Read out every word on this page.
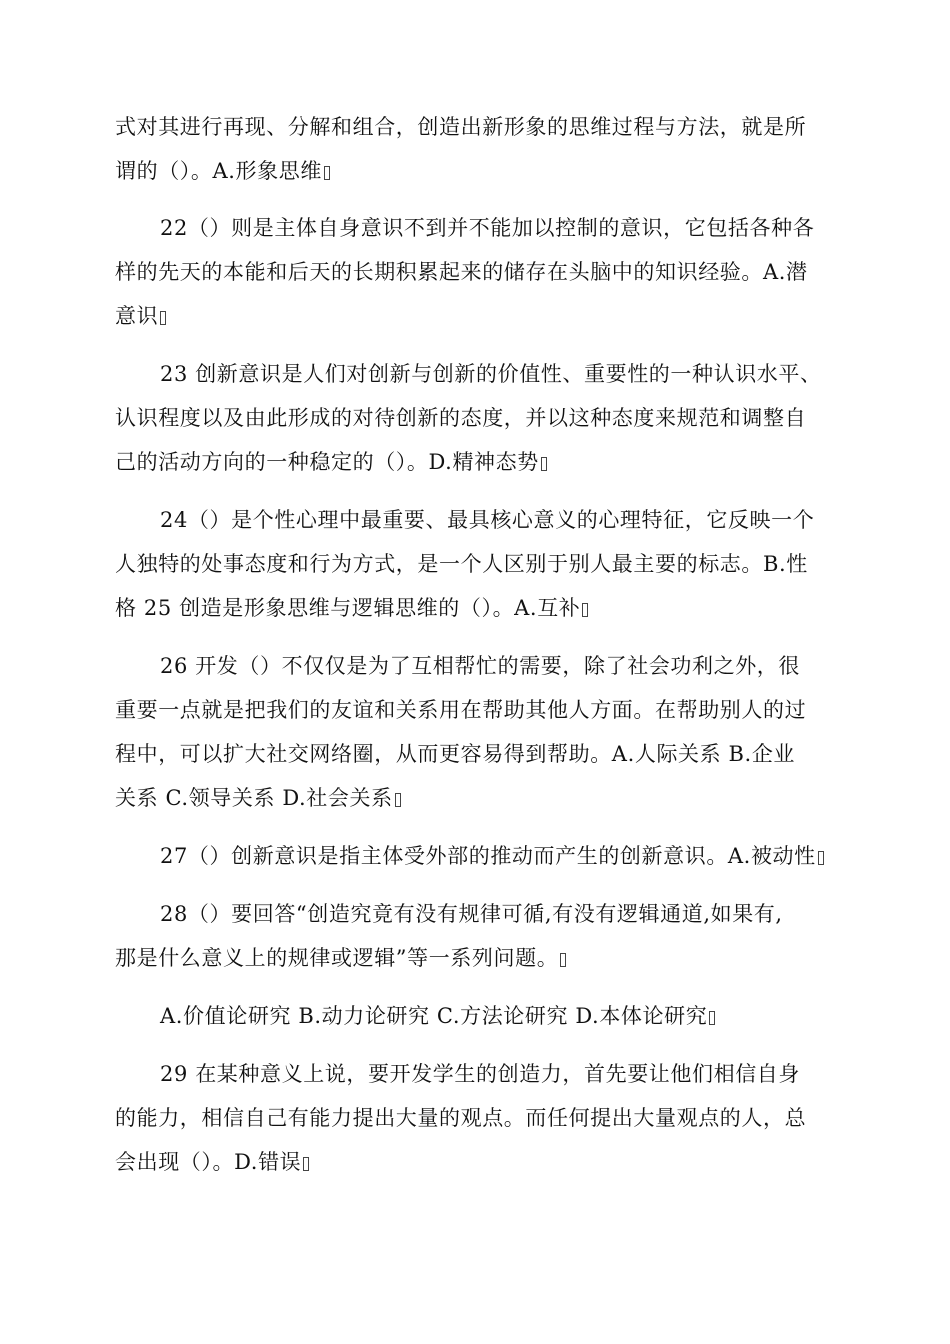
式对其进行再现、分解和组合，创造出新形象的思维过程与方法，就是所
谓的（）。A.形象思维
22（）则是主体自身意识不到并不能加以控制的意识，它包括各种各
样的先天的本能和后天的长期积累起来的储存在头脑中的知识经验。A.潜
意识
23 创新意识是人们对创新与创新的价值性、重要性的一种认识水平、
认识程度以及由此形成的对待创新的态度，并以这种态度来规范和调整自
己的活动方向的一种稳定的（）。D.精神态势
24（）是个性心理中最重要、最具核心意义的心理特征，它反映一个
人独特的处事态度和行为方式，是一个人区别于别人最主要的标志。B.性
格 25 创造是形象思维与逻辑思维的（）。A.互补
26 开发（）不仅仅是为了互相帮忙的需要，除了社会功利之外，很
重要一点就是把我们的友谊和关系用在帮助其他人方面。在帮助别人的过
程中，可以扩大社交网络圈，从而更容易得到帮助。A.人际关系 B.企业
关系 C.领导关系 D.社会关系
27（）创新意识是指主体受外部的推动而产生的创新意识。A.被动性
28（）要回答“创造究竟有没有规律可循,有没有逻辑通道,如果有,
那是什么意义上的规律或逻辑”等一系列问题。
A.价值论研究 B.动力论研究 C.方法论研究 D.本体论研究
29 在某种意义上说，要开发学生的创造力，首先要让他们相信自身
的能力，相信自己有能力提出大量的观点。而任何提出大量观点的人，总
会出现（）。D.错误
